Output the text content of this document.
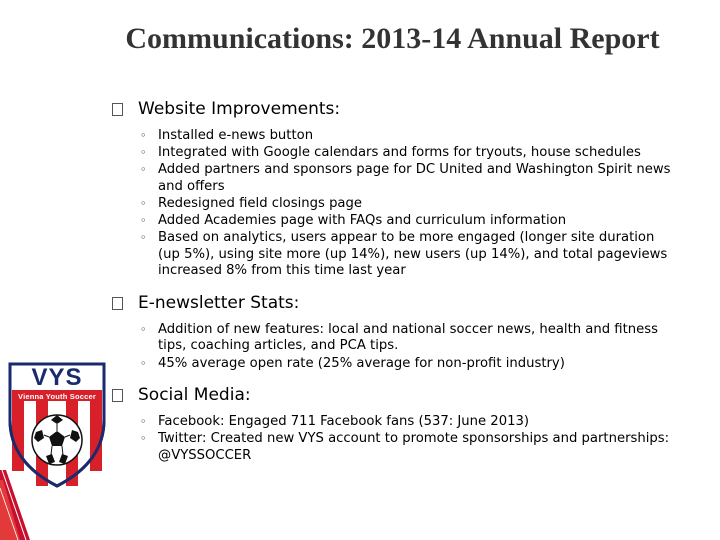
Communications: 2013-14 Annual Report
Website Improvements:
◦ Installed e-news button
◦ Integrated with Google calendars and forms for tryouts, house schedules
◦ Added partners and sponsors page for DC United and Washington Spirit news and offers
◦ Redesigned field closings page
◦ Added Academies page with FAQs and curriculum information
◦ Based on analytics, users appear to be more engaged (longer site duration (up 5%), using site more (up 14%), new users (up 14%), and total pageviews increased 8% from this time last year
E-newsletter Stats:
◦ Addition of new features: local and national soccer news, health and fitness tips, coaching articles, and PCA tips.
◦ 45% average open rate (25% average for non-profit industry)
Social Media:
◦ Facebook: Engaged 711 Facebook fans (537: June 2013)
◦ Twitter: Created new VYS account to promote sponsorships and partnerships: @VYSSOCCER
VYS
Vienna Youth Soccer
